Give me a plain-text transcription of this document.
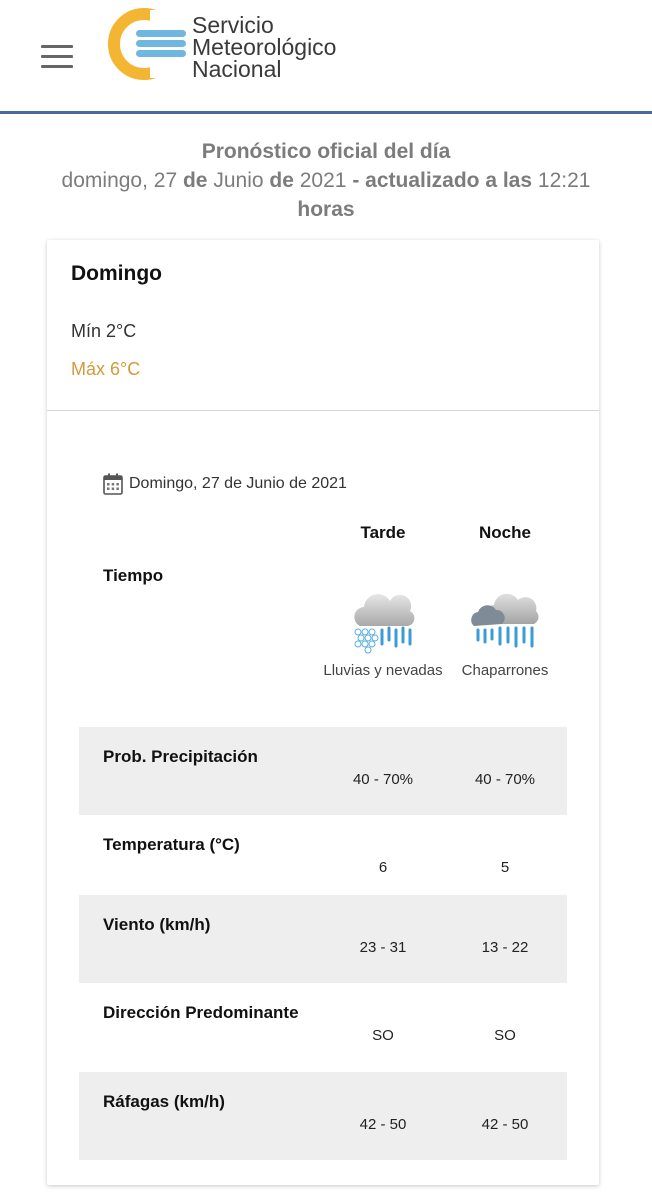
Servicio
Meteorológico
Nacional
Pronóstico oficial del día
domingo, 27 de Junio de 2021 - actualizado a las 12:21 horas
Domingo
Mín 2°C
Máx 6°C
Domingo, 27 de Junio de 2021
Tarde	Noche
Tiempo
Lluvias y nevadas	Chaparrones
Prob. Precipitación
40 - 70%	40 - 70%
Temperatura (°C)
6	5
Viento (km/h)
23 - 31	13 - 22
Dirección Predominante
SO	SO
Ráfagas (km/h)
42 - 50	42 - 50
